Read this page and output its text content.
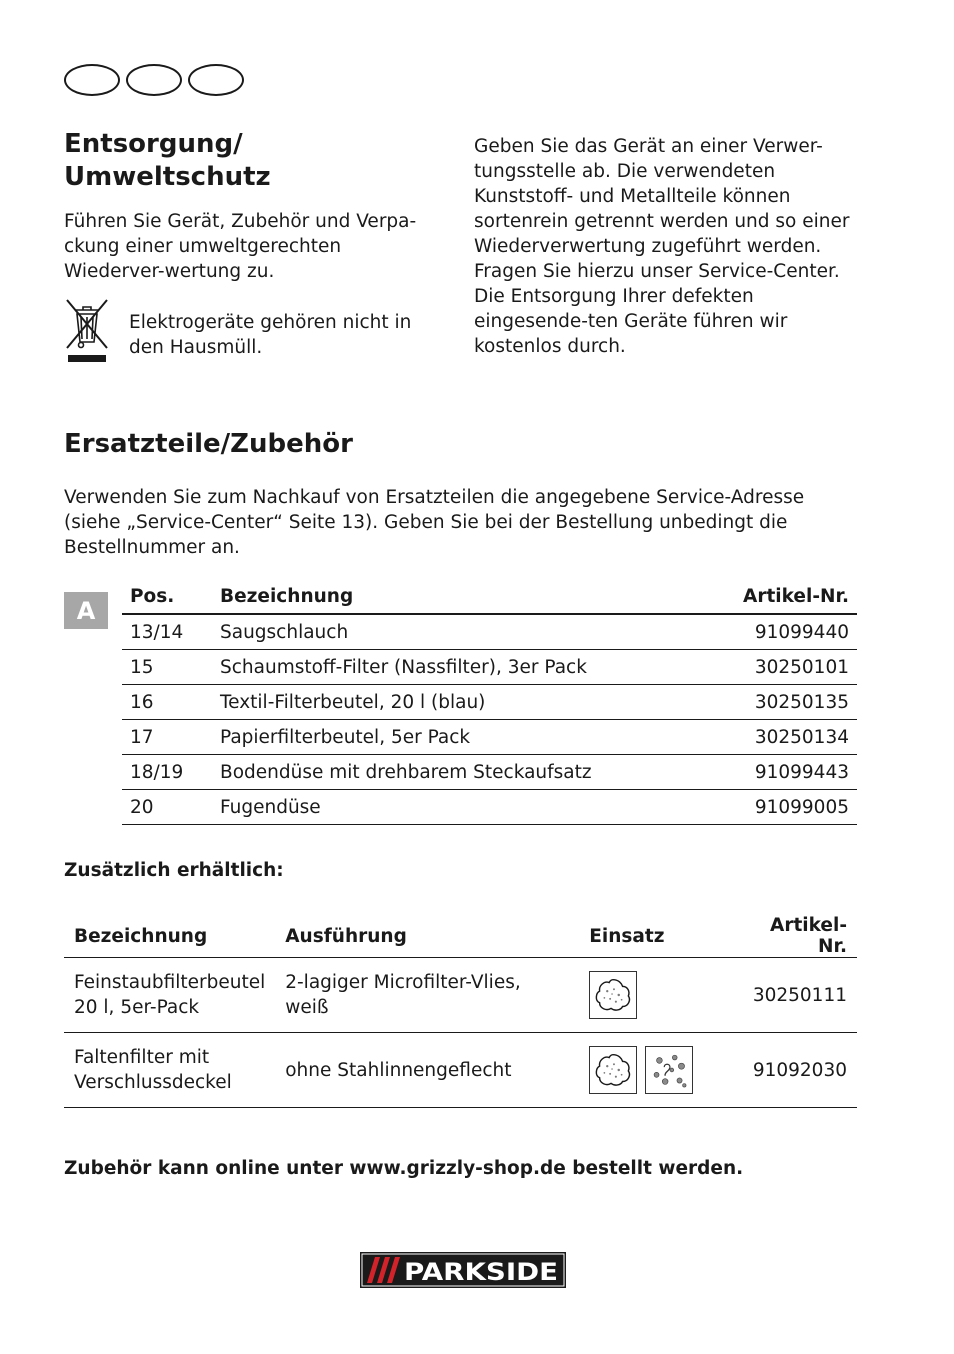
Entsorgung/
Umweltschutz

Führen Sie Gerät, Zubehör und Verpa-ckung einer umweltgerechten Wiederver-wertung zu.

Elektrogeräte gehören nicht in den Hausmüll.

Geben Sie das Gerät an einer Verwer-tungsstelle ab. Die verwendeten Kunststoff- und Metallteile können sortenrein getrennt werden und so einer Wiederverwertung zugeführt werden. Fragen Sie hierzu unser Service-Center.

Die Entsorgung Ihrer defekten eingesende-ten Geräte führen wir kostenlos durch.

Ersatzteile/Zubehör

Verwenden Sie zum Nachkauf von Ersatzteilen die angegebene Service-Adresse (siehe „Service-Center“ Seite 13). Geben Sie bei der Bestellung unbedingt die Bestellnummer an.

A	Pos.	Bezeichnung	Artikel-Nr.
13/14	Saugschlauch	91099440
15	Schaumstoff-Filter (Nassfilter), 3er Pack	30250101
16	Textil-Filterbeutel, 20 l (blau)	30250135
17	Papierfilterbeutel, 5er Pack	30250134
18/19	Bodendüse mit drehbarem Steckaufsatz	91099443
20	Fugendüse	91099005

Zusätzlich erhältlich:

Bezeichnung	Ausführung	Einsatz	Artikel-Nr.
Feinstaubfilterbeutel
20 l, 5er-Pack	2-lagiger Microfilter-Vlies, weiß		30250111
Faltenfilter mit
Verschlussdeckel	ohne Stahlinnengeflecht		91092030

Zubehör kann online unter www.grizzly-shop.de bestellt werden.

PARKSIDE
